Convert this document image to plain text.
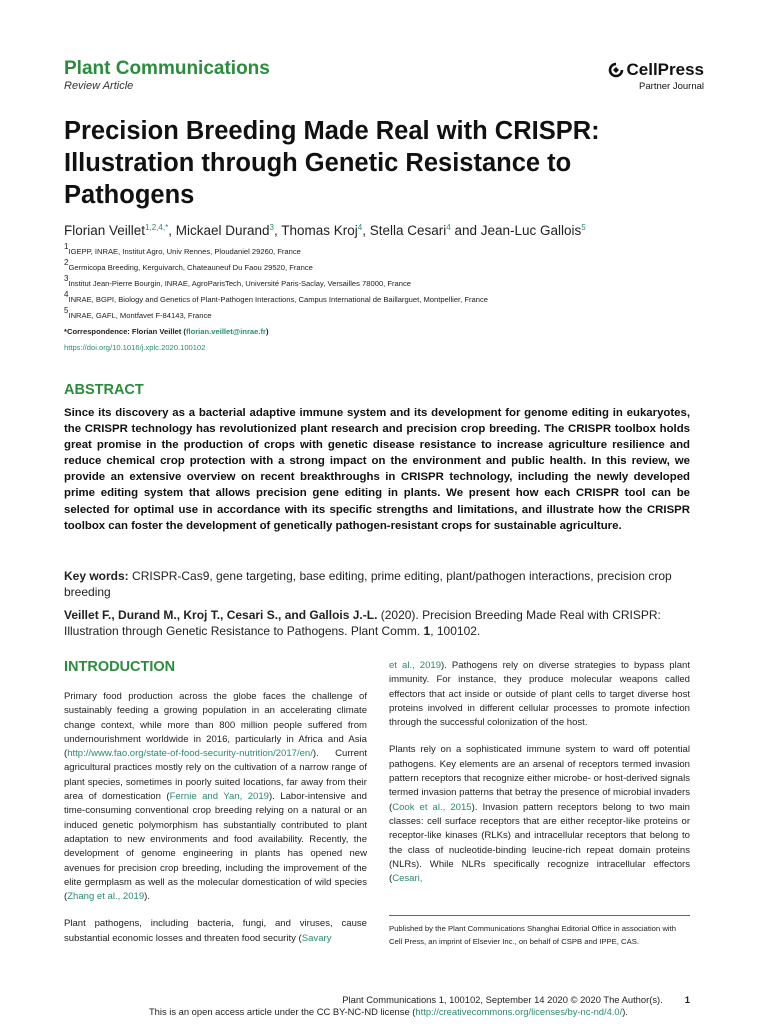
Plant Communications
Review Article
CellPress
Partner Journal
Precision Breeding Made Real with CRISPR: Illustration through Genetic Resistance to Pathogens
Florian Veillet$^{1,2,4,*}$, Mickael Durand$^3$, Thomas Kroj$^4$, Stella Cesari$^4$ and Jean-Luc Gallois$^5$
$^1$IGEPP, INRAE, Institut Agro, Univ Rennes, Ploudaniel 29260, France
$^2$Germicopa Breeding, Kerguivarch, Chateauneuf Du Faou 29520, France
$^3$Institut Jean-Pierre Bourgin, INRAE, AgroParisTech, Université Paris-Saclay, Versailles 78000, France
$^4$INRAE, BGPI, Biology and Genetics of Plant-Pathogen Interactions, Campus International de Baillarguet, Montpellier, France
$^5$INRAE, GAFL, Montfavet F-84143, France
*Correspondence: Florian Veillet (florian.veillet@inrae.fr)
https://doi.org/10.1016/j.xplc.2020.100102
ABSTRACT
Since its discovery as a bacterial adaptive immune system and its development for genome editing in eukaryotes, the CRISPR technology has revolutionized plant research and precision crop breeding. The CRISPR toolbox holds great promise in the production of crops with genetic disease resistance to increase agriculture resilience and reduce chemical crop protection with a strong impact on the environment and public health. In this review, we provide an extensive overview on recent breakthroughs in CRISPR technology, including the newly developed prime editing system that allows precision gene editing in plants. We present how each CRISPR tool can be selected for optimal use in accordance with its specific strengths and limitations, and illustrate how the CRISPR toolbox can foster the development of genetically pathogen-resistant crops for sustainable agriculture.
Key words: CRISPR-Cas9, gene targeting, base editing, prime editing, plant/pathogen interactions, precision crop breeding
Veillet F., Durand M., Kroj T., Cesari S., and Gallois J.-L. (2020). Precision Breeding Made Real with CRISPR: Illustration through Genetic Resistance to Pathogens. Plant Comm. 1, 100102.
INTRODUCTION

Primary food production across the globe faces the challenge of sustainably feeding a growing population in an accelerating climate change context, while more than 800 million people suffered from undernourishment worldwide in 2016, particularly in Africa and Asia (http://www.fao.org/state-of-food-security-nutrition/2017/en/). Current agricultural practices mostly rely on the cultivation of a narrow range of plant species, sometimes in poorly suited locations, far away from their area of domestication (Fernie and Yan, 2019). Labor-intensive and time-consuming conventional crop breeding relying on a natural or an induced genetic polymorphism has substantially contributed to plant adaptation to new environments and food availability. Recently, the development of genome engineering in plants has opened new avenues for precision crop breeding, including the improvement of the elite germplasm as well as the molecular domestication of wild species (Zhang et al., 2019).

Plant pathogens, including bacteria, fungi, and viruses, cause substantial economic losses and threaten food security (Savary

et al., 2019). Pathogens rely on diverse strategies to bypass plant immunity. For instance, they produce molecular weapons called effectors that act inside or outside of plant cells to target diverse host proteins involved in different cellular processes to promote infection through the successful colonization of the host.

Plants rely on a sophisticated immune system to ward off potential pathogens. Key elements are an arsenal of receptors termed invasion pattern receptors that recognize either microbe- or host-derived signals termed invasion patterns that betray the presence of microbial invaders (Cook et al., 2015). Invasion pattern receptors belong to two main classes: cell surface receptors that are either receptor-like proteins or receptor-like kinases (RLKs) and intracellular receptors that belong to the class of nucleotide-binding leucine-rich repeat domain proteins (NLRs). While NLRs specifically recognize intracellular effectors (Cesari,

Published by the Plant Communications Shanghai Editorial Office in association with Cell Press, an imprint of Elsevier Inc., on behalf of CSPB and IPPE, CAS.
Plant Communications 1, 100102, September 14 2020 © 2020 The Author(s). 1
This is an open access article under the CC BY-NC-ND license (http://creativecommons.org/licenses/by-nc-nd/4.0/).
